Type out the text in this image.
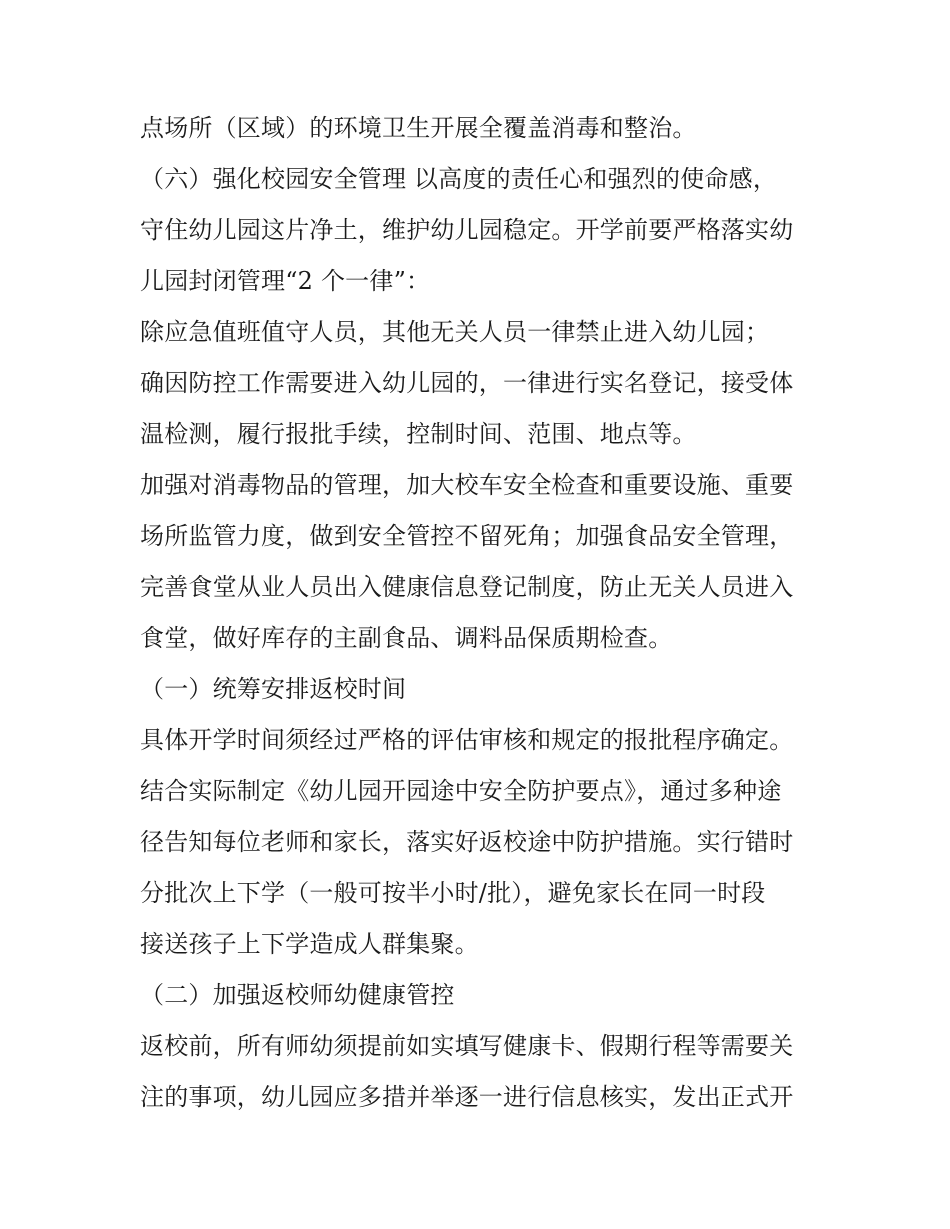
点场所（区域）的环境卫生开展全覆盖消毒和整治。
（六）强化校园安全管理 以高度的责任心和强烈的使命感，
守住幼儿园这片净土，维护幼儿园稳定。开学前要严格落实幼
儿园封闭管理“2 个一律”：
除应急值班值守人员，其他无关人员一律禁止进入幼儿园；
确因防控工作需要进入幼儿园的，一律进行实名登记，接受体
温检测，履行报批手续，控制时间、范围、地点等。
加强对消毒物品的管理，加大校车安全检查和重要设施、重要
场所监管力度，做到安全管控不留死角；加强食品安全管理，
完善食堂从业人员出入健康信息登记制度，防止无关人员进入
食堂，做好库存的主副食品、调料品保质期检查。
（一）统筹安排返校时间
具体开学时间须经过严格的评估审核和规定的报批程序确定。
结合实际制定《幼儿园开园途中安全防护要点》，通过多种途
径告知每位老师和家长，落实好返校途中防护措施。实行错时
分批次上下学（一般可按半小时/批），避免家长在同一时段
接送孩子上下学造成人群集聚。
（二）加强返校师幼健康管控
返校前，所有师幼须提前如实填写健康卡、假期行程等需要关
注的事项，幼儿园应多措并举逐一进行信息核实，发出正式开
